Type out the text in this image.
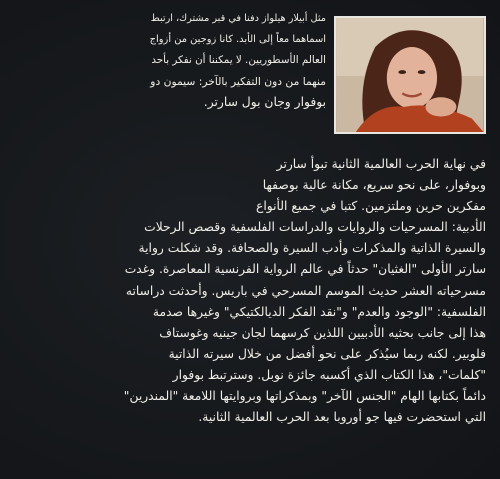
مثل أبيلار هيلواز دفنا في قبر مشترك، ارتبط
اسماهما معاً إلى الأبد. كانا زوجين من أزواج
العالم الأسطوريين. لا يمكننا أن نفكر بأحد
منهما من دون التفكير بالآخر: سيمون دو
بوفوار وجان بول سارتر.

في نهاية الحرب العالمية الثانية تبوأ سارتر
وبوفوار، على نحو سريع، مكانة عالية بوصفها
مفكرين حرين وملتزمين. كتبا في جميع الأنواع
الأدبية: المسرحيات والروايات والدراسات الفلسفية وقصص الرحلات
والسيرة الذاتية والمذكرات وأدب السيرة والصحافة. وقد شكلت رواية
سارتر الأولى "الغثيان" حدثاً في عالم الرواية الفرنسية المعاصرة. وغدت
مسرحياته العشر حديث الموسم المسرحي في باريس. وأحدثت دراساته
الفلسفية: "الوجود والعدم" و"نقد الفكر الديالكتيكي" وغيرها صدمة
هذا إلى جانب بحثيه الأدبيين اللذين كرسهما لجان جينيه وغوستاف
فلوبير. لكنه ربما سيُذكر على نحو أفضل من خلال سيرته الذاتية
"كلمات"، هذا الكتاب الذي أكسبه جائزة نوبل. وسترتبط بوفوار
دائماً بكتابها الهام "الجنس الآخر" وبمذكراتها وبروايتها اللامعة "المندرين"
التي استحضرت فيها جو أوروبا بعد الحرب العالمية الثانية.
